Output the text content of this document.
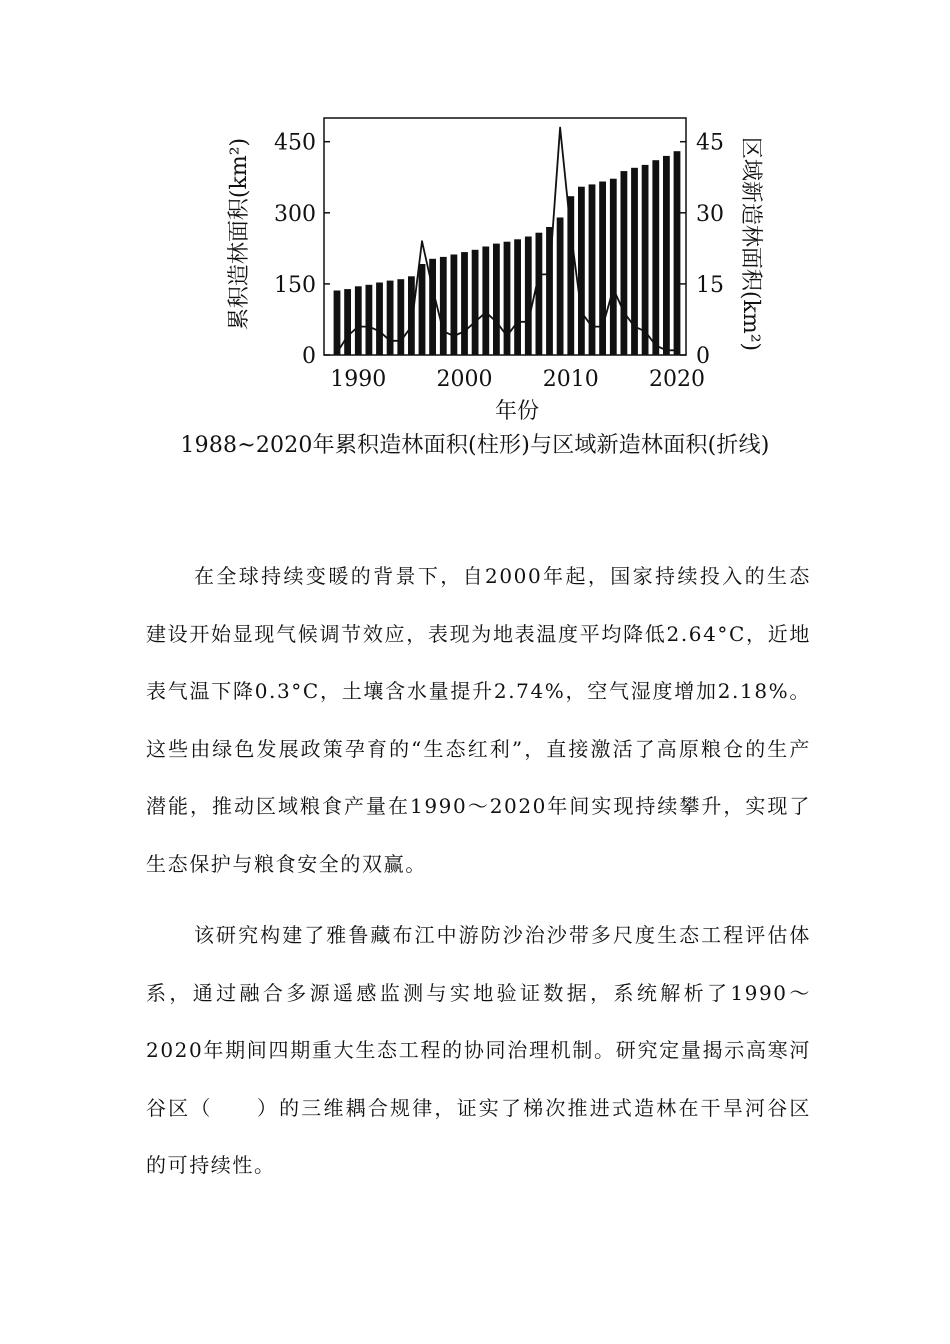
0
150
300
450
0
15
30
45
1990 2000 2010 2020
年份
累积造林面积(km²)	区域新造林面积(km²)
1988~2020年累积造林面积(柱形)与区域新造林面积(折线)

在全球持续变暖的背景下，自2000年起，国家持续投入的生态建设开始显现气候调节效应，表现为地表温度平均降低2.64°C，近地表气温下降0.3°C，土壤含水量提升2.74%，空气湿度增加2.18%。这些由绿色发展政策孕育的“生态红利”，直接激活了高原粮仓的生产潜能，推动区域粮食产量在1990～2020年间实现持续攀升，实现了生态保护与粮食安全的双赢。

该研究构建了雅鲁藏布江中游防沙治沙带多尺度生态工程评估体系，通过融合多源遥感监测与实地验证数据，系统解析了1990～2020年期间四期重大生态工程的协同治理机制。研究定量揭示高寒河谷区（　　）的三维耦合规律，证实了梯次推进式造林在干旱河谷区的可持续性。
